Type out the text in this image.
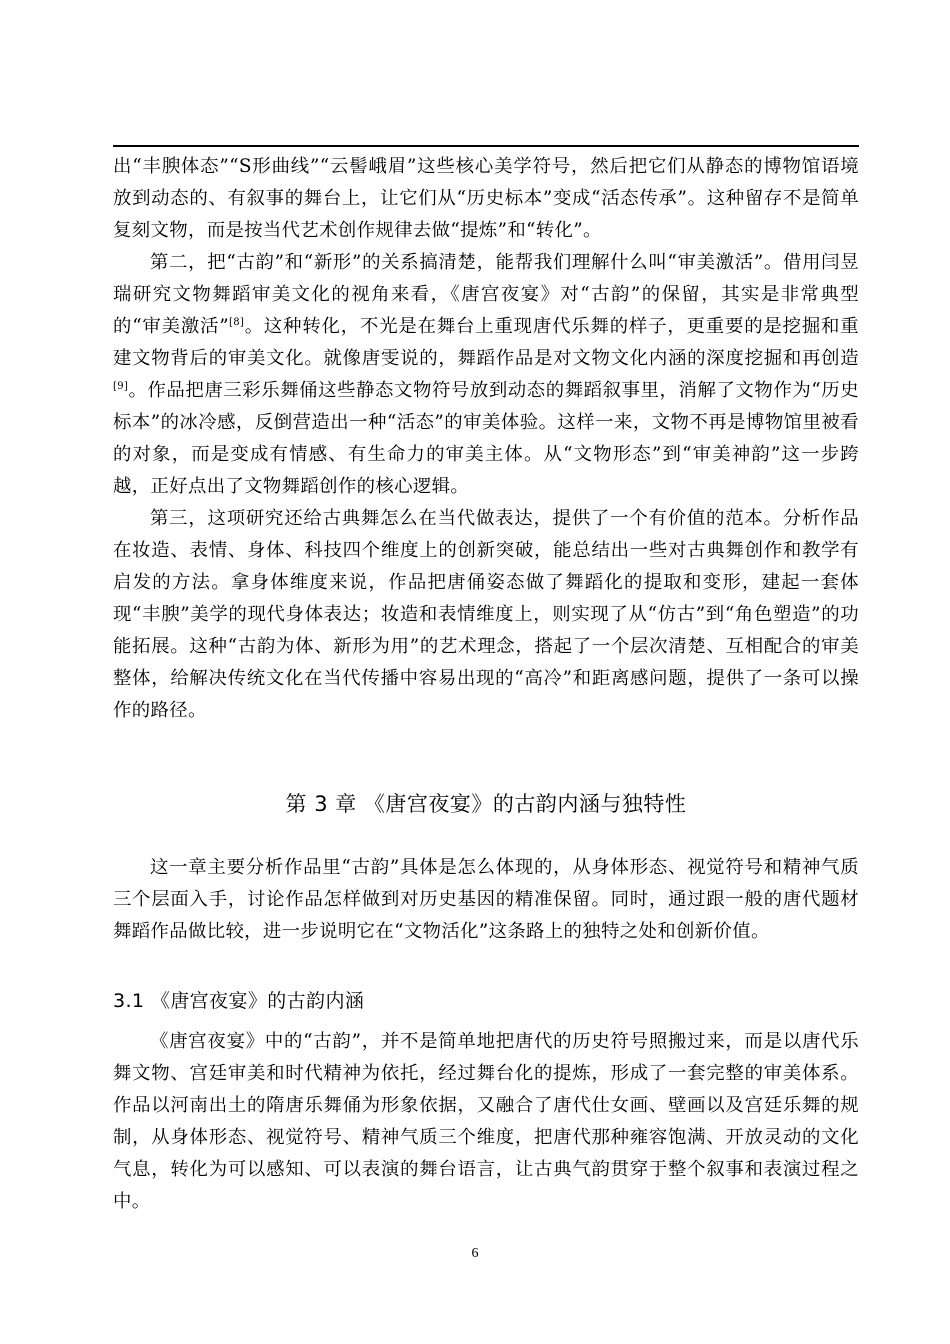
出“丰腴体态”“S形曲线”“云髻峨眉”这些核心美学符号，然后把它们从静态的博物馆语境放到动态的、有叙事的舞台上，让它们从“历史标本”变成“活态传承”。这种留存不是简单复刻文物，而是按当代艺术创作规律去做“提炼”和“转化”。

第二，把“古韵”和“新形”的关系搞清楚，能帮我们理解什么叫“审美激活”。借用闫昱瑞研究文物舞蹈审美文化的视角来看，《唐宫夜宴》对“古韵”的保留，其实是非常典型的“审美激活”[8]。这种转化，不光是在舞台上重现唐代乐舞的样子，更重要的是挖掘和重建文物背后的审美文化。就像唐雯说的，舞蹈作品是对文物文化内涵的深度挖掘和再创造[9]。作品把唐三彩乐舞俑这些静态文物符号放到动态的舞蹈叙事里，消解了文物作为“历史标本”的冰冷感，反倒营造出一种“活态”的审美体验。这样一来，文物不再是博物馆里被看的对象，而是变成有情感、有生命力的审美主体。从“文物形态”到“审美神韵”这一步跨越，正好点出了文物舞蹈创作的核心逻辑。

第三，这项研究还给古典舞怎么在当代做表达，提供了一个有价值的范本。分析作品在妆造、表情、身体、科技四个维度上的创新突破，能总结出一些对古典舞创作和教学有启发的方法。拿身体维度来说，作品把唐俑姿态做了舞蹈化的提取和变形，建起一套体现“丰腴”美学的现代身体表达；妆造和表情维度上，则实现了从“仿古”到“角色塑造”的功能拓展。这种“古韵为体、新形为用”的艺术理念，搭起了一个层次清楚、互相配合的审美整体，给解决传统文化在当代传播中容易出现的“高冷”和距离感问题，提供了一条可以操作的路径。

第 3 章 《唐宫夜宴》的古韵内涵与独特性

这一章主要分析作品里“古韵”具体是怎么体现的，从身体形态、视觉符号和精神气质三个层面入手，讨论作品怎样做到对历史基因的精准保留。同时，通过跟一般的唐代题材舞蹈作品做比较，进一步说明它在“文物活化”这条路上的独特之处和创新价值。

3.1 《唐宫夜宴》的古韵内涵

《唐宫夜宴》中的“古韵”，并不是简单地把唐代的历史符号照搬过来，而是以唐代乐舞文物、宫廷审美和时代精神为依托，经过舞台化的提炼，形成了一套完整的审美体系。作品以河南出土的隋唐乐舞俑为形象依据，又融合了唐代仕女画、壁画以及宫廷乐舞的规制，从身体形态、视觉符号、精神气质三个维度，把唐代那种雍容饱满、开放灵动的文化气息，转化为可以感知、可以表演的舞台语言，让古典气韵贯穿于整个叙事和表演过程之中。

6
